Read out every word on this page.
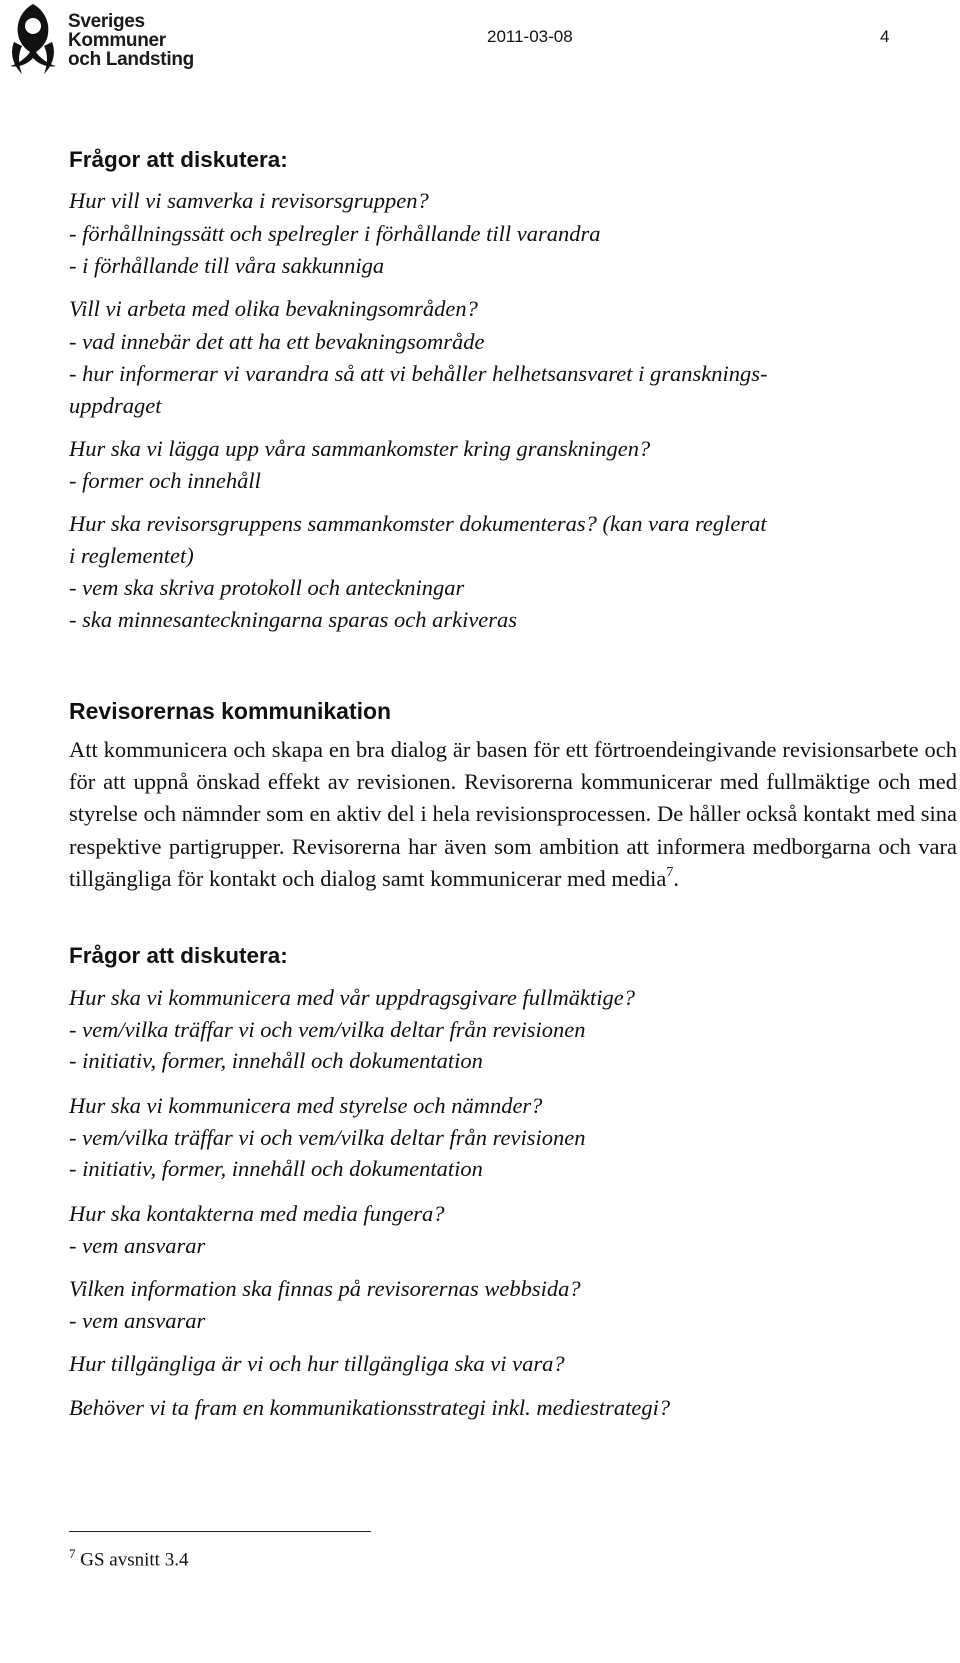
Sveriges
Kommuner
och Landsting
2011-03-08	4
Frågor att diskutera:

Hur vill vi samverka i revisorsgruppen?

- förhållningssätt och spelregler i förhållande till varandra

- i förhållande till våra sakkunniga

Vill vi arbeta med olika bevakningsområden?

- vad innebär det att ha ett bevakningsområde

- hur informerar vi varandra så att vi behåller helhetsansvaret i gransknings-

uppdraget

Hur ska vi lägga upp våra sammankomster kring granskningen?

- former och innehåll

Hur ska revisorsgruppens sammankomster dokumenteras? (kan vara reglerat

i reglementet)

- vem ska skriva protokoll och anteckningar

- ska minnesanteckningarna sparas och arkiveras

Revisorernas kommunikation

Att kommunicera och skapa en bra dialog är basen för ett förtroendeingivande revisionsarbete och för att uppnå önskad effekt av revisionen. Revisorerna kommunicerar med fullmäktige och med styrelse och nämnder som en aktiv del i hela revisionsprocessen. De håller också kontakt med sina respektive partigrupper. Revisorerna har även som ambition att informera medborgarna och vara tillgängliga för kontakt och dialog samt kommunicerar med media$^7$.

Frågor att diskutera:

Hur ska vi kommunicera med vår uppdragsgivare fullmäktige?

- vem/vilka träffar vi och vem/vilka deltar från revisionen

- initiativ, former, innehåll och dokumentation

Hur ska vi kommunicera med styrelse och nämnder?

- vem/vilka träffar vi och vem/vilka deltar från revisionen

- initiativ, former, innehåll och dokumentation

Hur ska kontakterna med media fungera?

- vem ansvarar

Vilken information ska finnas på revisorernas webbsida?

- vem ansvarar

Hur tillgängliga är vi och hur tillgängliga ska vi vara?

Behöver vi ta fram en kommunikationsstrategi inkl. mediestrategi?

$^7$ GS avsnitt 3.4
